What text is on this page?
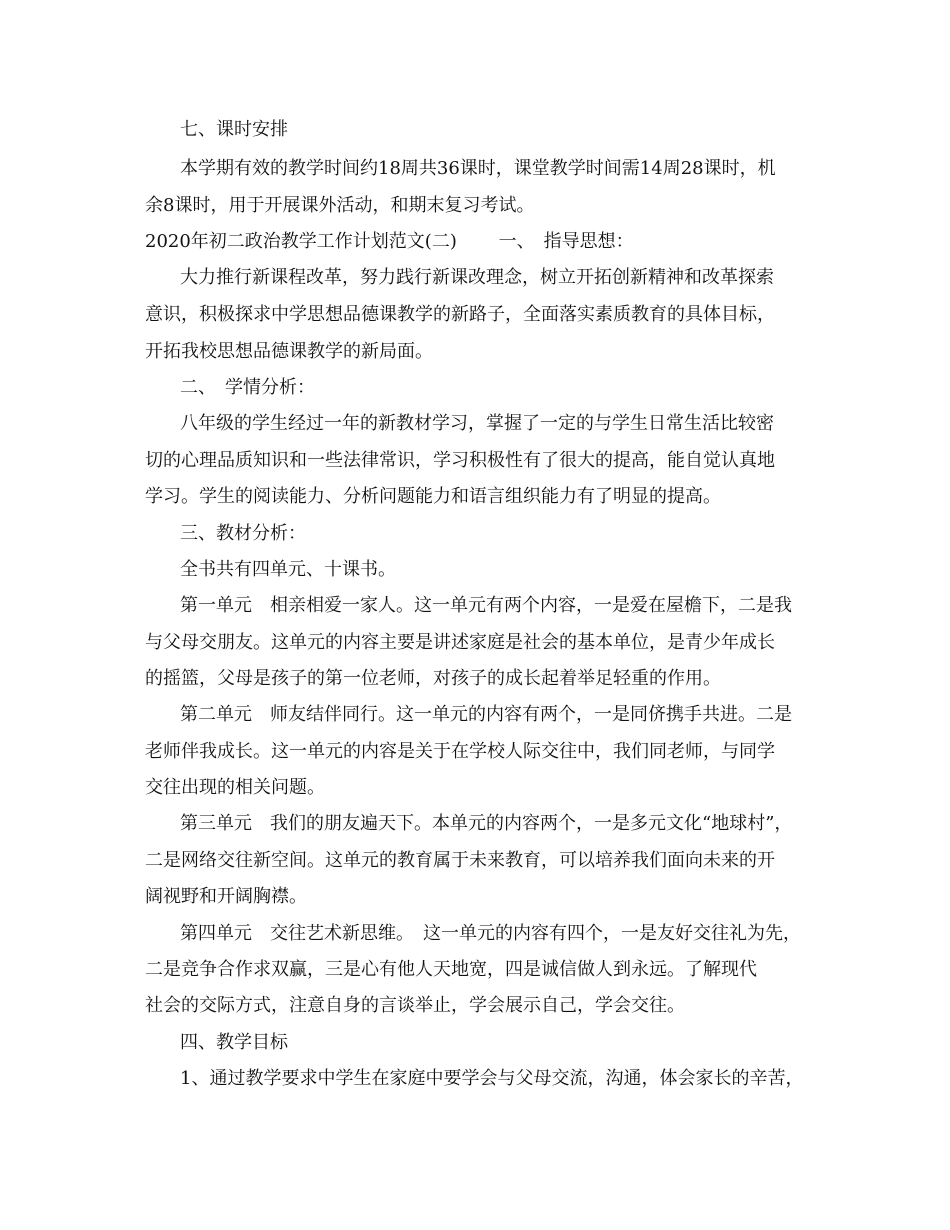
七、课时安排
本学期有效的教学时间约18周共36课时，课堂教学时间需14周28课时，机
余8课时，用于开展课外活动，和期末复习考试。
2020年初二政治教学工作计划范文(二)　　 一、　指导思想：
大力推行新课程改革，努力践行新课改理念，树立开拓创新精神和改革探索
意识，积极探求中学思想品德课教学的新路子，全面落实素质教育的具体目标，
开拓我校思想品德课教学的新局面。
二、　学情分析：
八年级的学生经过一年的新教材学习，掌握了一定的与学生日常生活比较密
切的心理品质知识和一些法律常识，学习积极性有了很大的提高，能自觉认真地
学习。学生的阅读能力、分析问题能力和语言组织能力有了明显的提高。
三、教材分析：
全书共有四单元、十课书。
第一单元　相亲相爱一家人。这一单元有两个内容，一是爱在屋檐下，二是我
与父母交朋友。这单元的内容主要是讲述家庭是社会的基本单位，是青少年成长
的摇篮，父母是孩子的第一位老师，对孩子的成长起着举足轻重的作用。
第二单元　师友结伴同行。这一单元的内容有两个，一是同侪携手共进。二是
老师伴我成长。这一单元的内容是关于在学校人际交往中，我们同老师，与同学
交往出现的相关问题。
第三单元　我们的朋友遍天下。本单元的内容两个，一是多元文化“地球村”，
二是网络交往新空间。这单元的教育属于未来教育，可以培养我们面向未来的开
阔视野和开阔胸襟。
第四单元　交往艺术新思维。　这一单元的内容有四个，一是友好交往礼为先，
二是竞争合作求双赢，三是心有他人天地宽，四是诚信做人到永远。了解现代
社会的交际方式，注意自身的言谈举止，学会展示自己，学会交往。
四、教学目标
1、通过教学要求中学生在家庭中要学会与父母交流，沟通，体会家长的辛苦，
